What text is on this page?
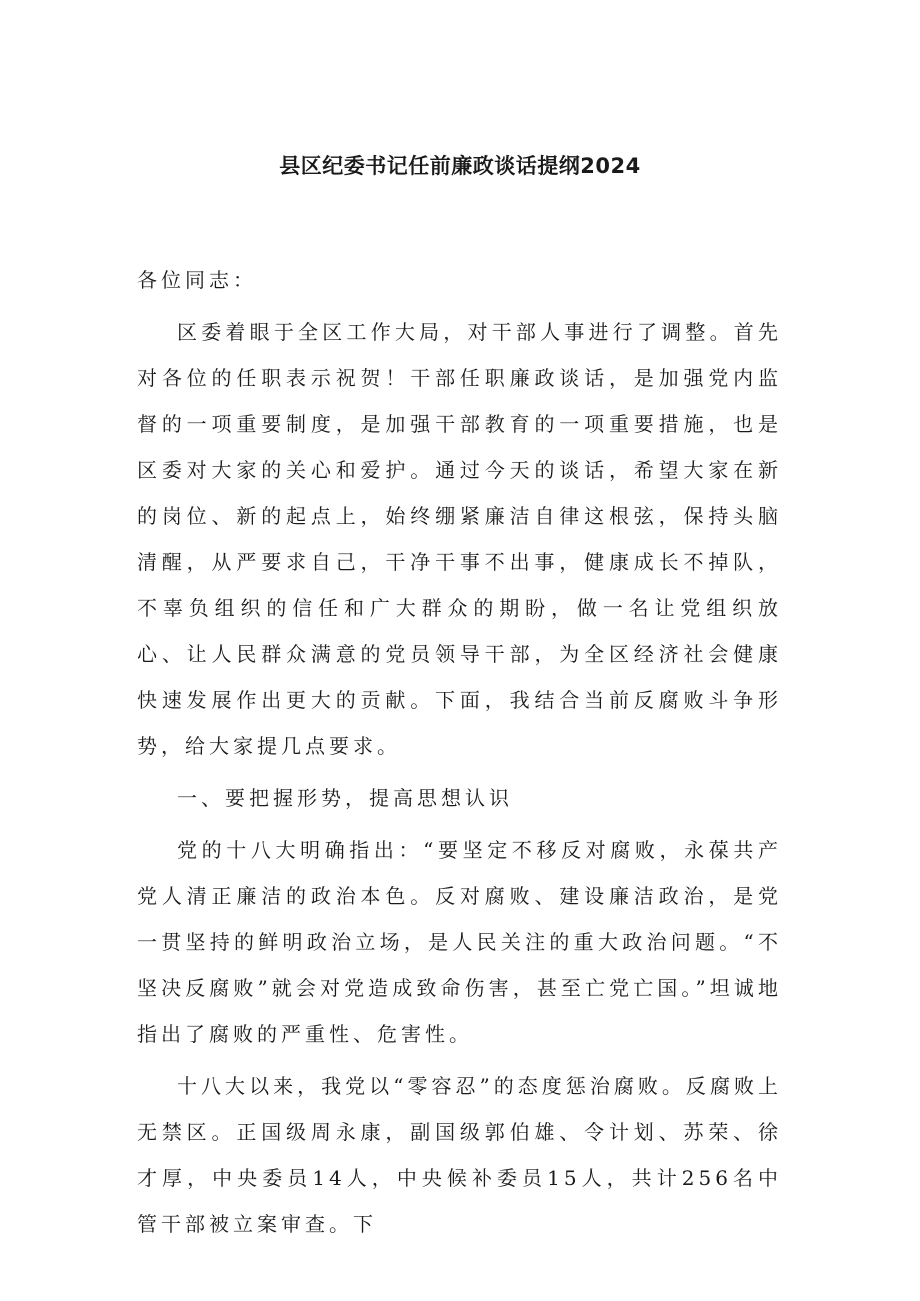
县区纪委书记任前廉政谈话提纲2024

各位同志：

区委着眼于全区工作大局，对干部人事进行了调整。首先对各位的任职表示祝贺！干部任职廉政谈话，是加强党内监督的一项重要制度，是加强干部教育的一项重要措施，也是区委对大家的关心和爱护。通过今天的谈话，希望大家在新的岗位、新的起点上，始终绷紧廉洁自律这根弦，保持头脑清醒，从严要求自己，干净干事不出事，健康成长不掉队，不辜负组织的信任和广大群众的期盼，做一名让党组织放心、让人民群众满意的党员领导干部，为全区经济社会健康快速发展作出更大的贡献。下面，我结合当前反腐败斗争形势，给大家提几点要求。

一、要把握形势，提高思想认识

党的十八大明确指出：“要坚定不移反对腐败，永葆共产党人清正廉洁的政治本色。反对腐败、建设廉洁政治，是党一贯坚持的鲜明政治立场，是人民关注的重大政治问题。“不坚决反腐败”就会对党造成致命伤害，甚至亡党亡国。”坦诚地指出了腐败的严重性、危害性。

十八大以来，我党以“零容忍”的态度惩治腐败。反腐败上无禁区。正国级周永康，副国级郭伯雄、令计划、苏荣、徐才厚，中央委员14人，中央候补委员15人，共计256名中管干部被立案审查。下
